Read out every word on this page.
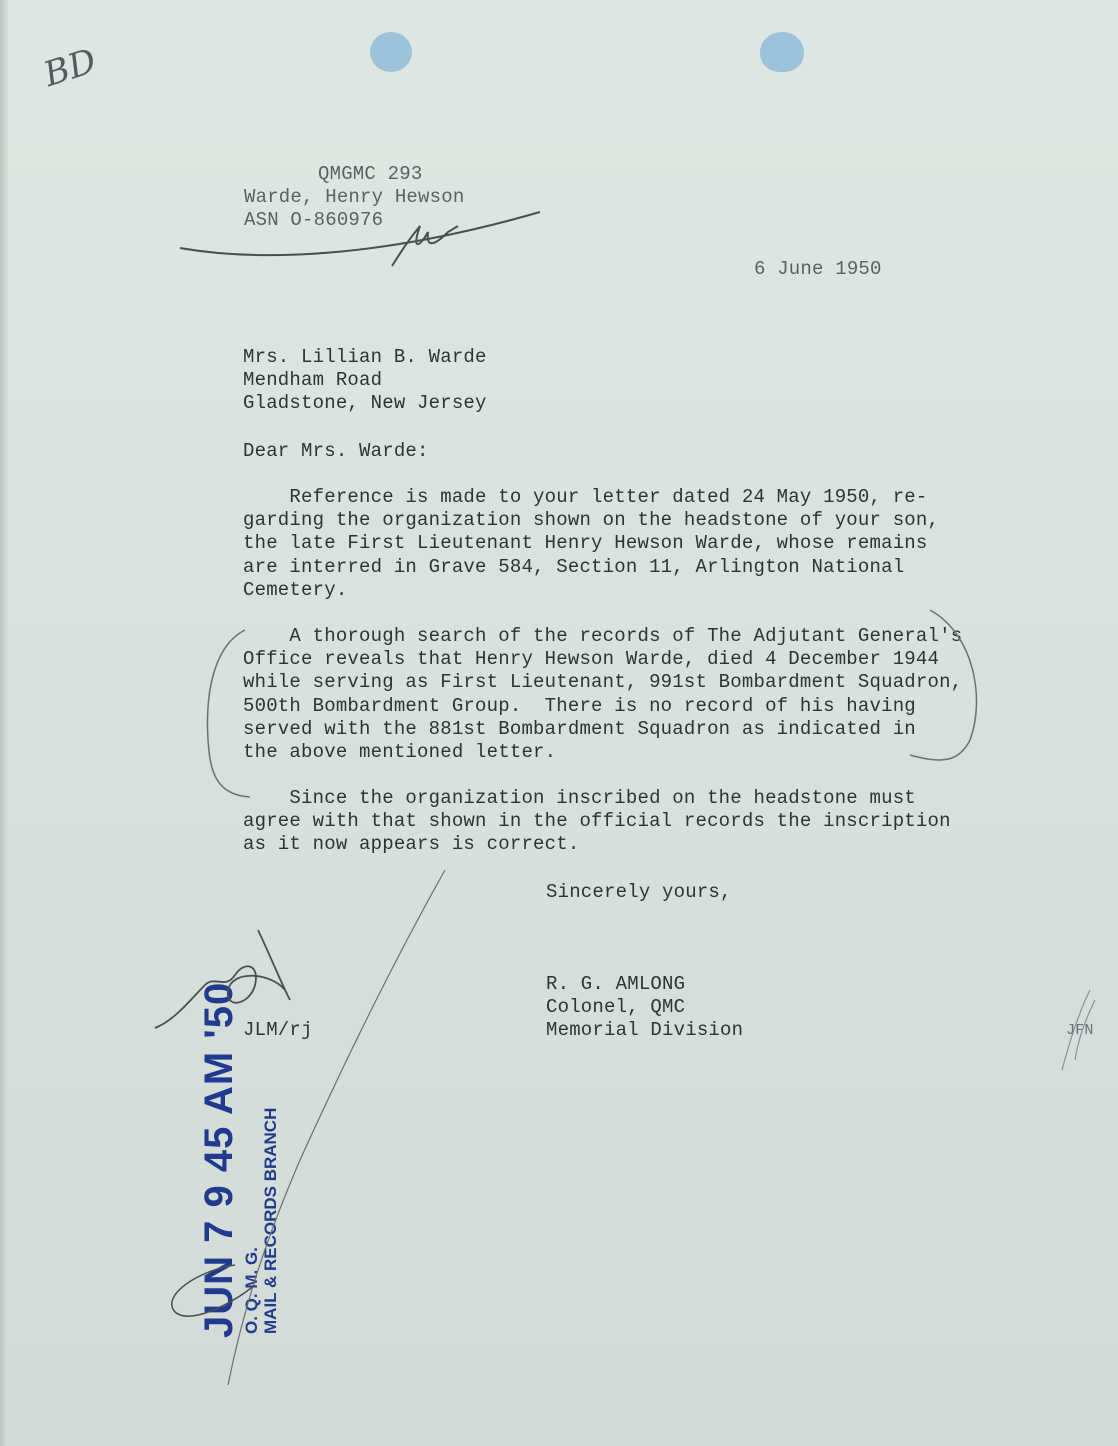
BD
QMGMC 293
Warde, Henry Hewson
ASN O-860976
6 June 1950
Mrs. Lillian B. Warde
Mendham Road
Gladstone, New Jersey
Dear Mrs. Warde:
Reference is made to your letter dated 24 May 1950, re-
garding the organization shown on the headstone of your son,
the late First Lieutenant Henry Hewson Warde, whose remains
are interred in Grave 584, Section 11, Arlington National
Cemetery.
A thorough search of the records of The Adjutant General's
Office reveals that Henry Hewson Warde, died 4 December 1944
while serving as First Lieutenant, 991st Bombardment Squadron,
500th Bombardment Group.  There is no record of his having
served with the 881st Bombardment Squadron as indicated in
the above mentioned letter.
Since the organization inscribed on the headstone must
agree with that shown in the official records the inscription
as it now appears is correct.
Sincerely yours,
R. G. AMLONG
Colonel, QMC
Memorial Division
JLM/rj	JFN
JUN 7 9 45 AM '50 O. Q. M. G. MAIL & RECORDS BRANCH
